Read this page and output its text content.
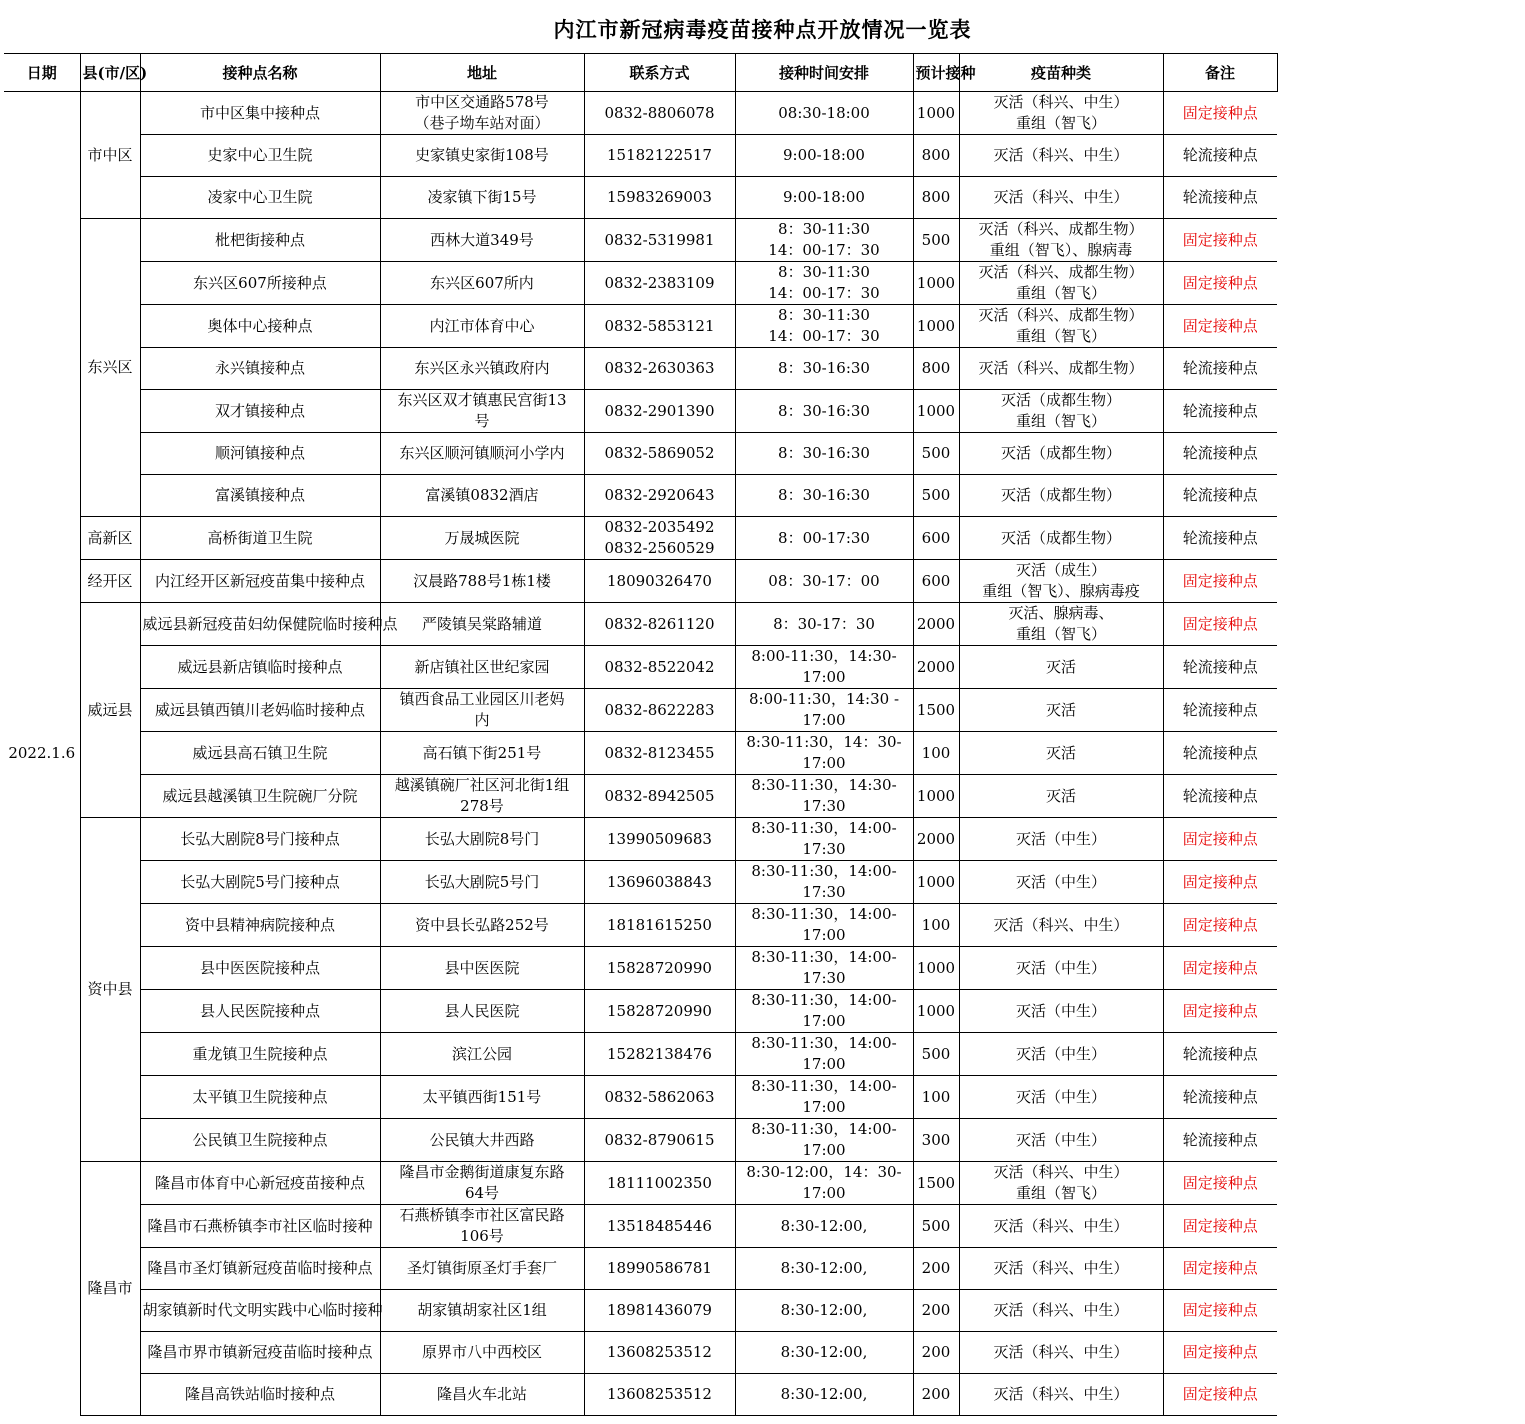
内江市新冠病毒疫苗接种点开放情况一览表
日期	县(市/区)	接种点名称	地址	联系方式	接种时间安排	预计接种	疫苗种类	备注
2022.1.6	市中区	市中区集中接种点	市中区交通路578号
（巷子坳车站对面）	0832-8806078	08:30-18:00	1000	灭活（科兴、中生）
重组（智飞）	固定接种点
		史家中心卫生院	史家镇史家街108号	15182122517	9:00-18:00	800	灭活（科兴、中生）	轮流接种点
		凌家中心卫生院	凌家镇下街15号	15983269003	9:00-18:00	800	灭活（科兴、中生）	轮流接种点
	东兴区	枇杷街接种点	西林大道349号	0832-5319981	8：30-11:30
14：00-17：30	500	灭活（科兴、成都生物）
重组（智飞）、腺病毒	固定接种点
		东兴区607所接种点	东兴区607所内	0832-2383109	8：30-11:30
14：00-17：30	1000	灭活（科兴、成都生物）
重组（智飞）	固定接种点
		奥体中心接种点	内江市体育中心	0832-5853121	8：30-11:30
14：00-17：30	1000	灭活（科兴、成都生物）
重组（智飞）	固定接种点
		永兴镇接种点	东兴区永兴镇政府内	0832-2630363	8：30-16:30	800	灭活（科兴、成都生物）	轮流接种点
		双才镇接种点	东兴区双才镇惠民宫街13
号	0832-2901390	8：30-16:30	1000	灭活（成都生物）
重组（智飞）	轮流接种点
		顺河镇接种点	东兴区顺河镇顺河小学内	0832-5869052	8：30-16:30	500	灭活（成都生物）	轮流接种点
		富溪镇接种点	富溪镇0832酒店	0832-2920643	8：30-16:30	500	灭活（成都生物）	轮流接种点
	高新区	高桥街道卫生院	万晟城医院	0832-2035492
0832-2560529	8：00-17:30	600	灭活（成都生物）	轮流接种点
	经开区	内江经开区新冠疫苗集中接种点	汉晨路788号1栋1楼	18090326470	08：30-17：00	600	灭活（成生）
重组（智飞）、腺病毒疫	固定接种点
	威远县	威远县新冠疫苗妇幼保健院临时接种点	严陵镇吴棠路辅道	0832-8261120	8：30-17：30	2000	灭活、腺病毒、
重组（智飞）	固定接种点
		威远县新店镇临时接种点	新店镇社区世纪家园	0832-8522042	8:00-11:30，14:30-
17:00	2000	灭活	轮流接种点
		威远县镇西镇川老妈临时接种点	镇西食品工业园区川老妈
内	0832-8622283	8:00-11:30，14:30 -
17:00	1500	灭活	轮流接种点
		威远县高石镇卫生院	高石镇下街251号	0832-8123455	8:30-11:30，14：30-
17:00	100	灭活	轮流接种点
		威远县越溪镇卫生院碗厂分院	越溪镇碗厂社区河北街1组
278号	0832-8942505	8:30-11:30，14:30-
17:30	1000	灭活	轮流接种点
	资中县	长弘大剧院8号门接种点	长弘大剧院8号门	13990509683	8:30-11:30，14:00-
17:30	2000	灭活（中生）	固定接种点
		长弘大剧院5号门接种点	长弘大剧院5号门	13696038843	8:30-11:30，14:00-
17:30	1000	灭活（中生）	固定接种点
		资中县精神病院接种点	资中县长弘路252号	18181615250	8:30-11:30，14:00-
17:00	100	灭活（科兴、中生）	固定接种点
		县中医医院接种点	县中医医院	15828720990	8:30-11:30，14:00-
17:30	1000	灭活（中生）	固定接种点
		县人民医院接种点	县人民医院	15828720990	8:30-11:30，14:00-
17:00	1000	灭活（中生）	固定接种点
		重龙镇卫生院接种点	滨江公园	15282138476	8:30-11:30，14:00-
17:00	500	灭活（中生）	轮流接种点
		太平镇卫生院接种点	太平镇西街151号	0832-5862063	8:30-11:30，14:00-
17:00	100	灭活（中生）	轮流接种点
		公民镇卫生院接种点	公民镇大井西路	0832-8790615	8:30-11:30，14:00-
17:00	300	灭活（中生）	轮流接种点
	隆昌市	隆昌市体育中心新冠疫苗接种点	隆昌市金鹅街道康复东路
64号	18111002350	8:30-12:00，14：30-
17:00	1500	灭活（科兴、中生）
重组（智飞）	固定接种点
		隆昌市石燕桥镇李市社区临时接种	石燕桥镇李市社区富民路
106号	13518485446	8:30-12:00,	500	灭活（科兴、中生）	固定接种点
		隆昌市圣灯镇新冠疫苗临时接种点	圣灯镇街原圣灯手套厂	18990586781	8:30-12:00,	200	灭活（科兴、中生）	固定接种点
		胡家镇新时代文明实践中心临时接种	胡家镇胡家社区1组	18981436079	8:30-12:00,	200	灭活（科兴、中生）	固定接种点
		隆昌市界市镇新冠疫苗临时接种点	原界市八中西校区	13608253512	8:30-12:00,	200	灭活（科兴、中生）	固定接种点
		隆昌高铁站临时接种点	隆昌火车北站	13608253512	8:30-12:00,	200	灭活（科兴、中生）	固定接种点
